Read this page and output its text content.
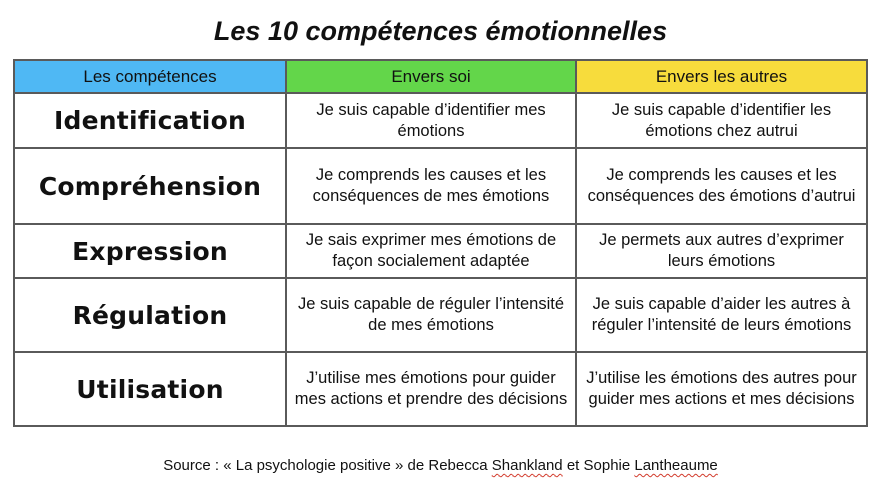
Les 10 compétences émotionnelles
Les compétences	Envers soi	Envers les autres
Identification	Je suis capable d’identifier mes émotions	Je suis capable d’identifier les émotions chez autrui
Compréhension	Je comprends les causes et les conséquences de mes émotions	Je comprends les causes et les conséquences des émotions d’autrui
Expression	Je sais exprimer mes émotions de façon socialement adaptée	Je permets aux autres d’exprimer leurs émotions
Régulation	Je suis capable de réguler l’intensité de mes émotions	Je suis capable d’aider les autres à réguler l’intensité de leurs émotions
Utilisation	J’utilise mes émotions pour guider mes actions et prendre des décisions	J’utilise les émotions des autres pour guider mes actions et mes décisions
Source : « La psychologie positive » de Rebecca Shankland et Sophie Lantheaume
